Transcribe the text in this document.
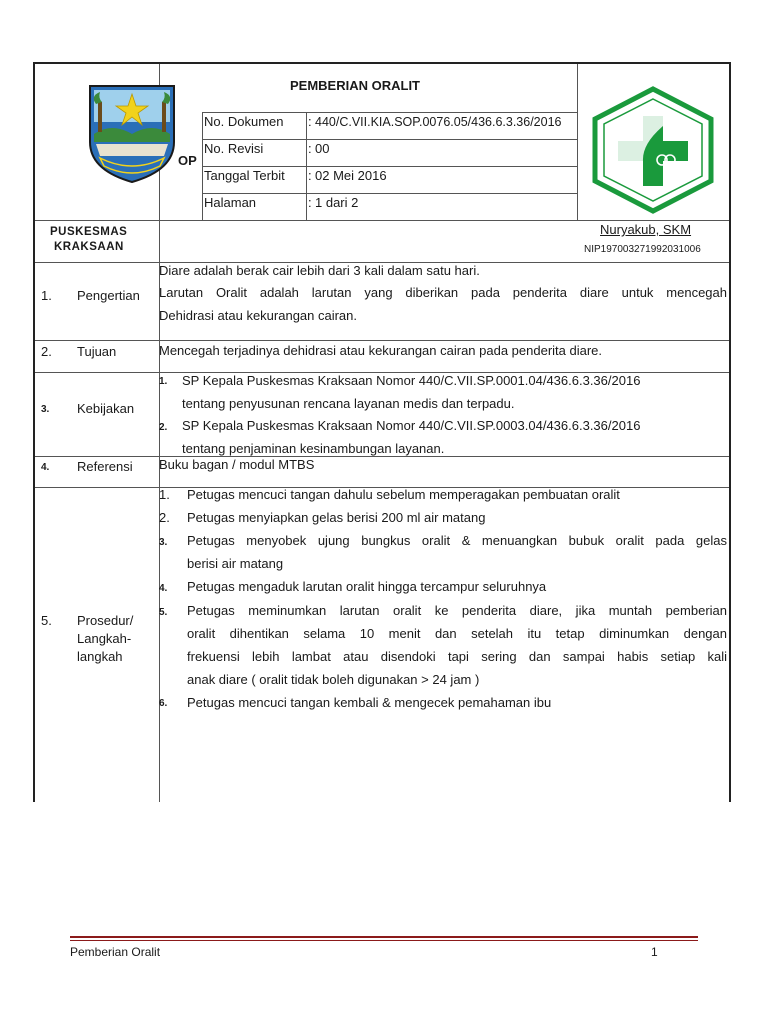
PEMBERIAN ORALIT
OP
No. Dokumen : 440/C.VII.KIA.SOP.0076.05/436.6.3.36/2016
No. Revisi	: 00
Tanggal Terbit : 02 Mei 2016
Halaman	: 1 dari 2
PUSKESMAS
KRAKSAAN
Nuryakub, SKM
NIP197003271992031006
1. Pengertian
Diare adalah berak cair lebih dari 3 kali dalam satu hari.
Larutan Oralit adalah larutan yang diberikan pada penderita diare untuk mencegah
Dehidrasi atau kekurangan cairan.
2. Tujuan	Mencegah terjadinya dehidrasi atau kekurangan cairan pada penderita diare.
3. Kebijakan
1. SP Kepala Puskesmas Kraksaan Nomor 440/C.VII.SP.0001.04/436.6.3.36/2016
tentang penyusunan rencana layanan medis dan terpadu.
2. SP Kepala Puskesmas Kraksaan Nomor 440/C.VII.SP.0003.04/436.6.3.36/2016
tentang penjaminan kesinambungan layanan.
4. Referensi Buku bagan / modul MTBS
5. Prosedur/
Langkah-
langkah
1. Petugas mencuci tangan dahulu sebelum memperagakan pembuatan oralit
2. Petugas menyiapkan gelas berisi 200 ml air matang
3. Petugas menyobek ujung bungkus oralit & menuangkan bubuk oralit pada gelas
berisi air matang
4. Petugas mengaduk larutan oralit hingga tercampur seluruhnya
5. Petugas meminumkan larutan oralit ke penderita diare, jika muntah pemberian
oralit dihentikan selama 10 menit dan setelah itu tetap diminumkan dengan
frekuensi lebih lambat atau disendoki tapi sering dan sampai habis setiap kali
anak diare ( oralit tidak boleh digunakan > 24 jam )
6. Petugas mencuci tangan kembali & mengecek pemahaman ibu
Pemberian Oralit	1
